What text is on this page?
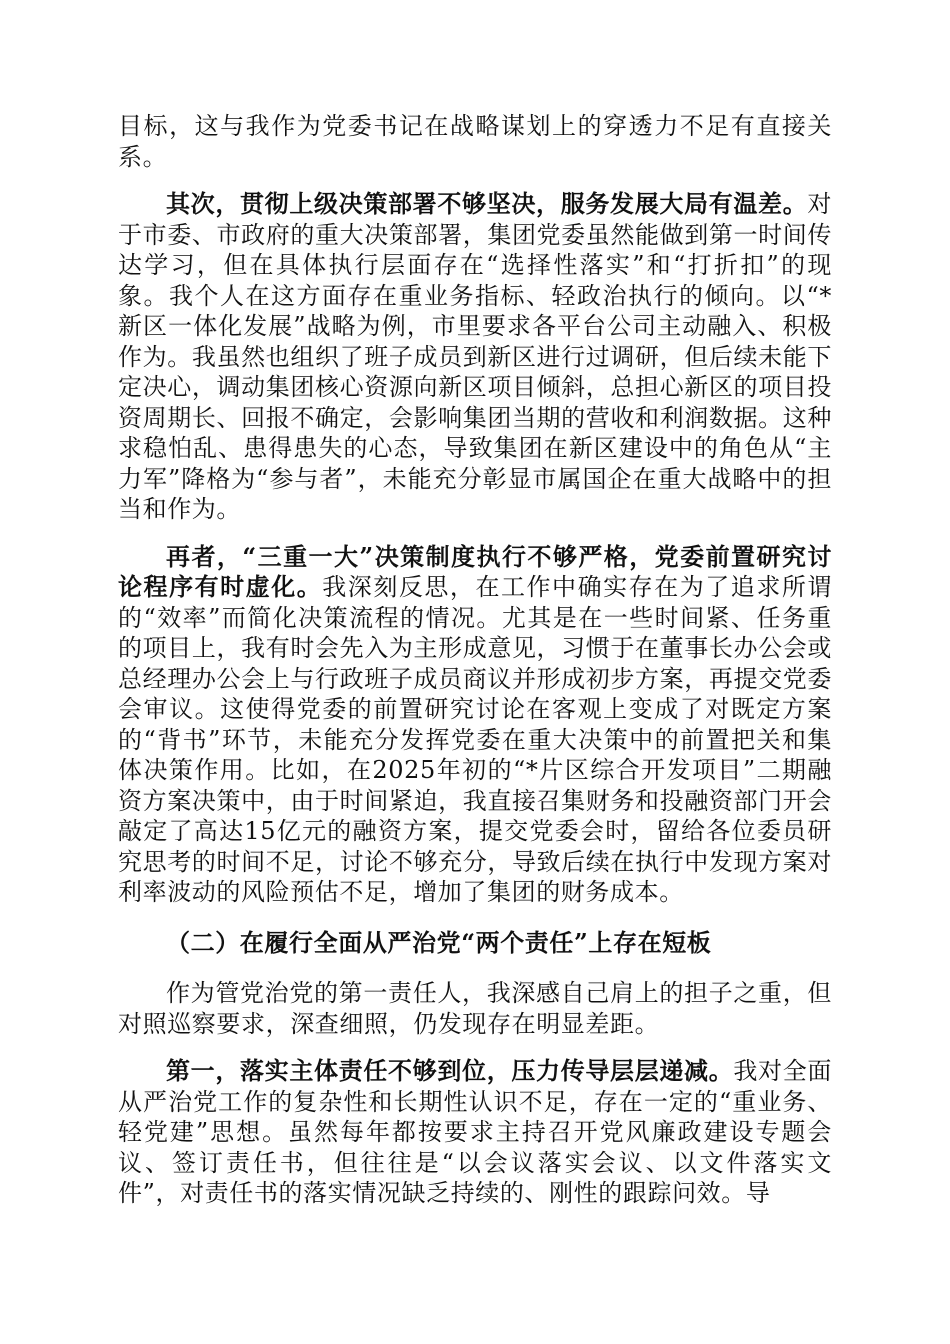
目标，这与我作为党委书记在战略谋划上的穿透力不足有直接关系。

其次，贯彻上级决策部署不够坚决，服务发展大局有温差。对于市委、市政府的重大决策部署，集团党委虽然能做到第一时间传达学习，但在具体执行层面存在“选择性落实”和“打折扣”的现象。我个人在这方面存在重业务指标、轻政治执行的倾向。以“*新区一体化发展”战略为例，市里要求各平台公司主动融入、积极作为。我虽然也组织了班子成员到新区进行过调研，但后续未能下定决心，调动集团核心资源向新区项目倾斜，总担心新区的项目投资周期长、回报不确定，会影响集团当期的营收和利润数据。这种求稳怕乱、患得患失的心态，导致集团在新区建设中的角色从“主力军”降格为“参与者”，未能充分彰显市属国企在重大战略中的担当和作为。

再者，“三重一大”决策制度执行不够严格，党委前置研究讨论程序有时虚化。我深刻反思，在工作中确实存在为了追求所谓的“效率”而简化决策流程的情况。尤其是在一些时间紧、任务重的项目上，我有时会先入为主形成意见，习惯于在董事长办公会或总经理办公会上与行政班子成员商议并形成初步方案，再提交党委会审议。这使得党委的前置研究讨论在客观上变成了对既定方案的“背书”环节，未能充分发挥党委在重大决策中的前置把关和集体决策作用。比如，在2025年初的“*片区综合开发项目”二期融资方案决策中，由于时间紧迫，我直接召集财务和投融资部门开会敲定了高达15亿元的融资方案，提交党委会时，留给各位委员研究思考的时间不足，讨论不够充分，导致后续在执行中发现方案对利率波动的风险预估不足，增加了集团的财务成本。

（二）在履行全面从严治党“两个责任”上存在短板

作为管党治党的第一责任人，我深感自己肩上的担子之重，但对照巡察要求，深查细照，仍发现存在明显差距。

第一，落实主体责任不够到位，压力传导层层递减。我对全面从严治党工作的复杂性和长期性认识不足，存在一定的“重业务、轻党建”思想。虽然每年都按要求主持召开党风廉政建设专题会议、签订责任书，但往往是“以会议落实会议、以文件落实文件”，对责任书的落实情况缺乏持续的、刚性的跟踪问效。导
